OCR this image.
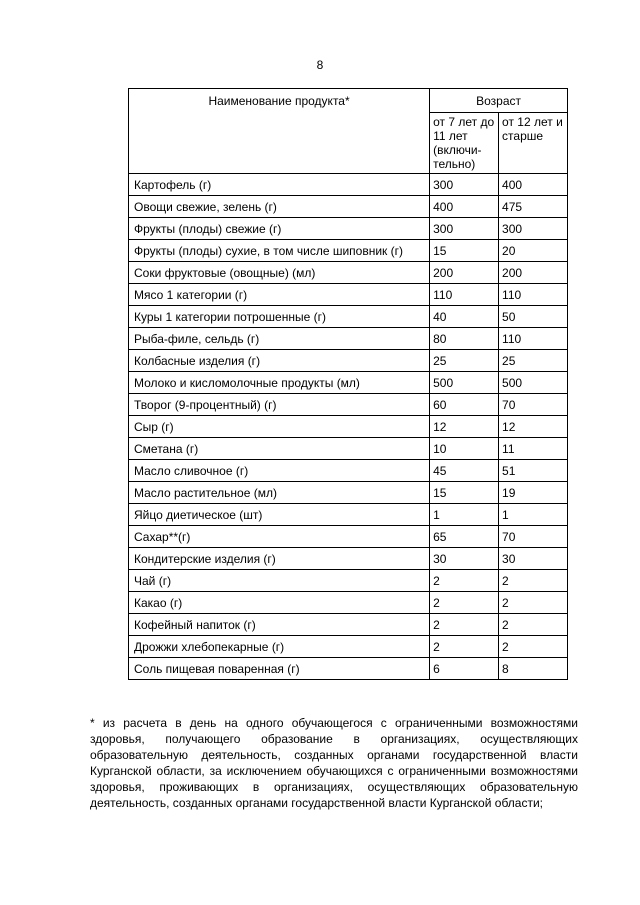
8
Наименование продукта*	Возраст	
	от 7 лет до 11 лет (включи-тельно)	от 12 лет и старше
Картофель (г)	300	400
Овощи свежие, зелень (г)	400	475
Фрукты (плоды) свежие (г)	300	300
Фрукты (плоды) сухие, в том числе шиповник (г)	15	20
Соки фруктовые (овощные) (мл)	200	200
Мясо 1 категории (г)	110	110
Куры 1 категории потрошенные (г)	40	50
Рыба-филе, сельдь (г)	80	110
Колбасные изделия (г)	25	25
Молоко и кисломолочные продукты (мл)	500	500
Творог (9-процентный) (г)	60	70
Сыр (г)	12	12
Сметана (г)	10	11
Масло сливочное (г)	45	51
Масло растительное (мл)	15	19
Яйцо диетическое (шт)	1	1
Сахар**(г)	65	70
Кондитерские изделия (г)	30	30
Чай (г)	2	2
Какао (г)	2	2
Кофейный напиток (г)	2	2
Дрожжи хлебопекарные (г)	2	2
Соль пищевая поваренная (г)	6	8
* из расчета в день на одного обучающегося с ограниченными возможностями здоровья, получающего образование в организациях, осуществляющих образовательную деятельность, созданных органами государственной власти Курганской области, за исключением обучающихся с ограниченными возможностями здоровья, проживающих в организациях, осуществляющих образовательную деятельность, созданных органами государственной власти Курганской области;
